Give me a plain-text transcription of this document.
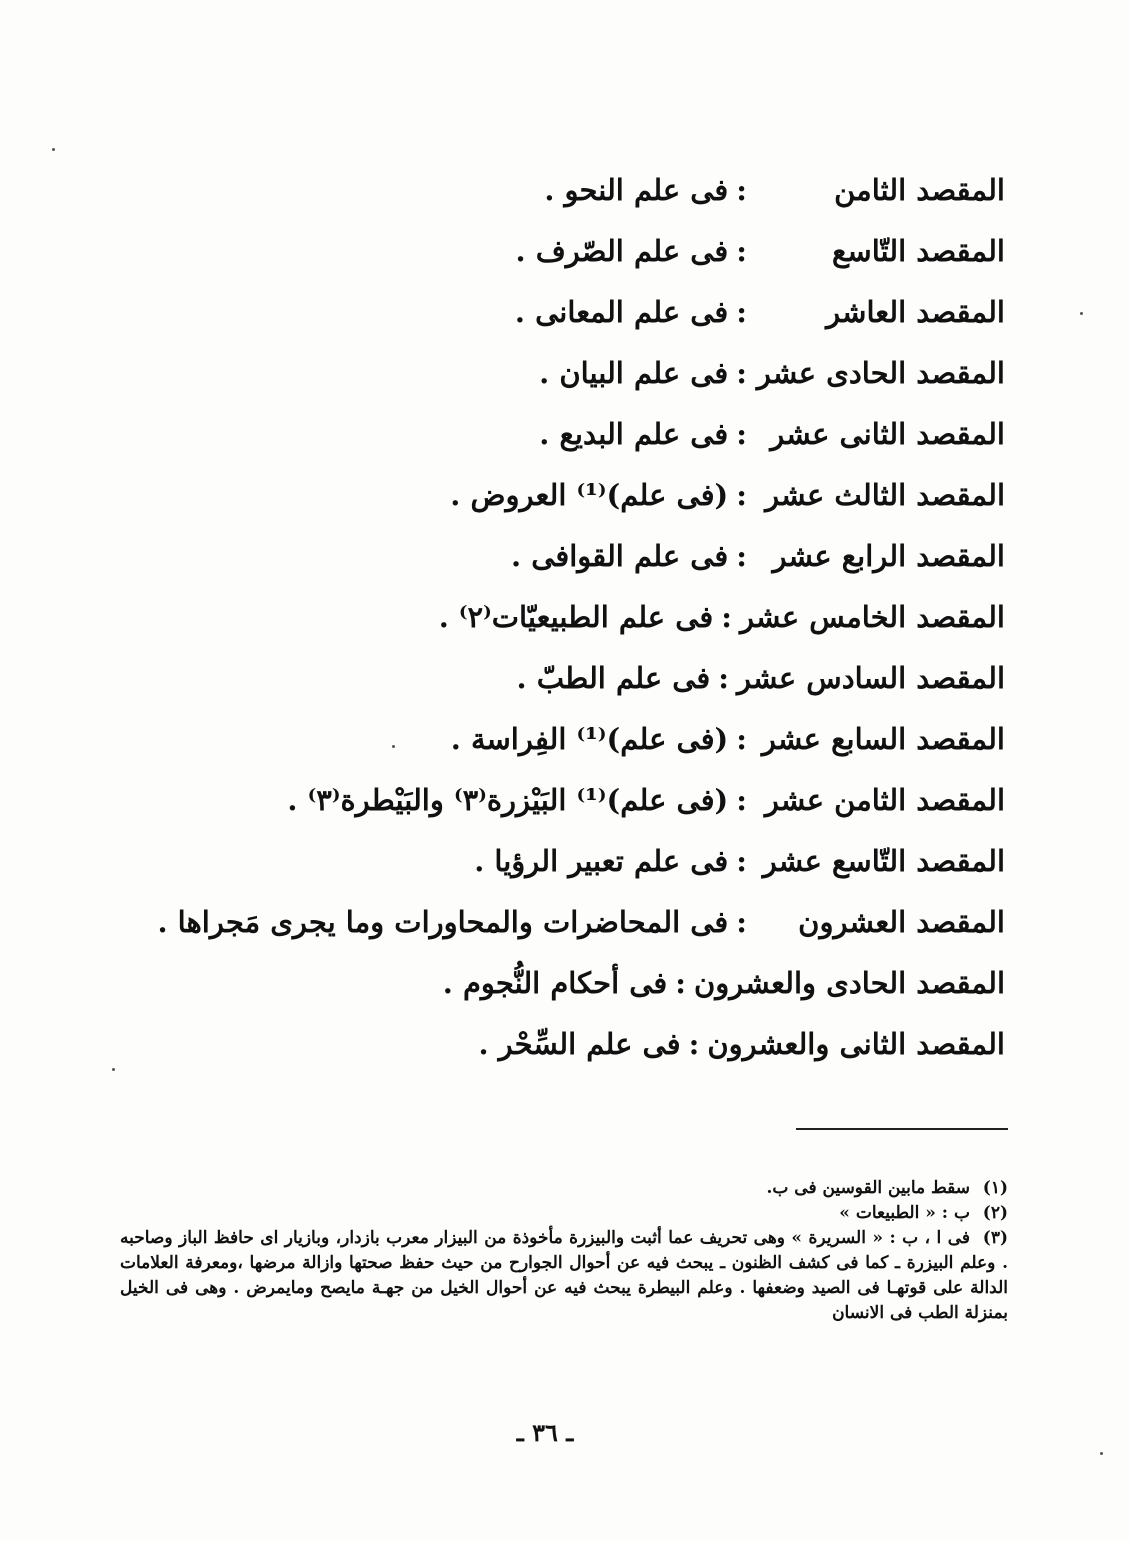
المقصد الثامن:فى علم النحو .
المقصد التّاسع:فى علم الصّرف .
المقصد العاشر:فى علم المعانى .
المقصد الحادى عشر:فى علم البيان .
المقصد الثانى عشر:فى علم البديع .
المقصد الثالث عشر:(فى علم)⁽¹⁾ العروض .
المقصد الرابع عشر:فى علم القوافى .
المقصد الخامس عشر:فى علم الطبيعيّات⁽٢⁾ .
المقصد السادس عشر:فى علم الطبّ .
المقصد السابع عشر:(فى علم)⁽¹⁾ الفِراسة .
المقصد الثامن عشر:(فى علم)⁽¹⁾ البَيْزرة⁽٣⁾ والبَيْطرة⁽٣⁾ .
المقصد التّاسع عشر:فى علم تعبير الرؤيا .
المقصد العشرون:فى المحاضرات والمحاورات وما يجرى مَجراها .
المقصد الحادى والعشرون:فى أحكام النُّجوم .
المقصد الثانى والعشرون:فى علم السِّحْر .
(١)سقط مابين القوسين فى ب.
(٢)ب : « الطبيعات »
(٣)فى ا ، ب : « السريرة » وهى تحريف عما أثبت والبيزرة مأخوذة من البيزار معرب بازدار، وبازيار اى حافظ الباز وصاحبه . وعلم البيزرة ـ كما فى كشف الظنون ـ يبحث فيه عن أحوال الجوارح من حيث حفظ صحتها وازالة مرضها ،ومعرفة العلامات الدالة على قوتهـا فى الصيد وضعفها . وعلم البيطرة يبحث فيه عن أحوال الخيل من جهـة مايصح ومايمرض . وهى فى الخيل بمنزلة الطب فى الانسان
ـ ٣٦ ـ
